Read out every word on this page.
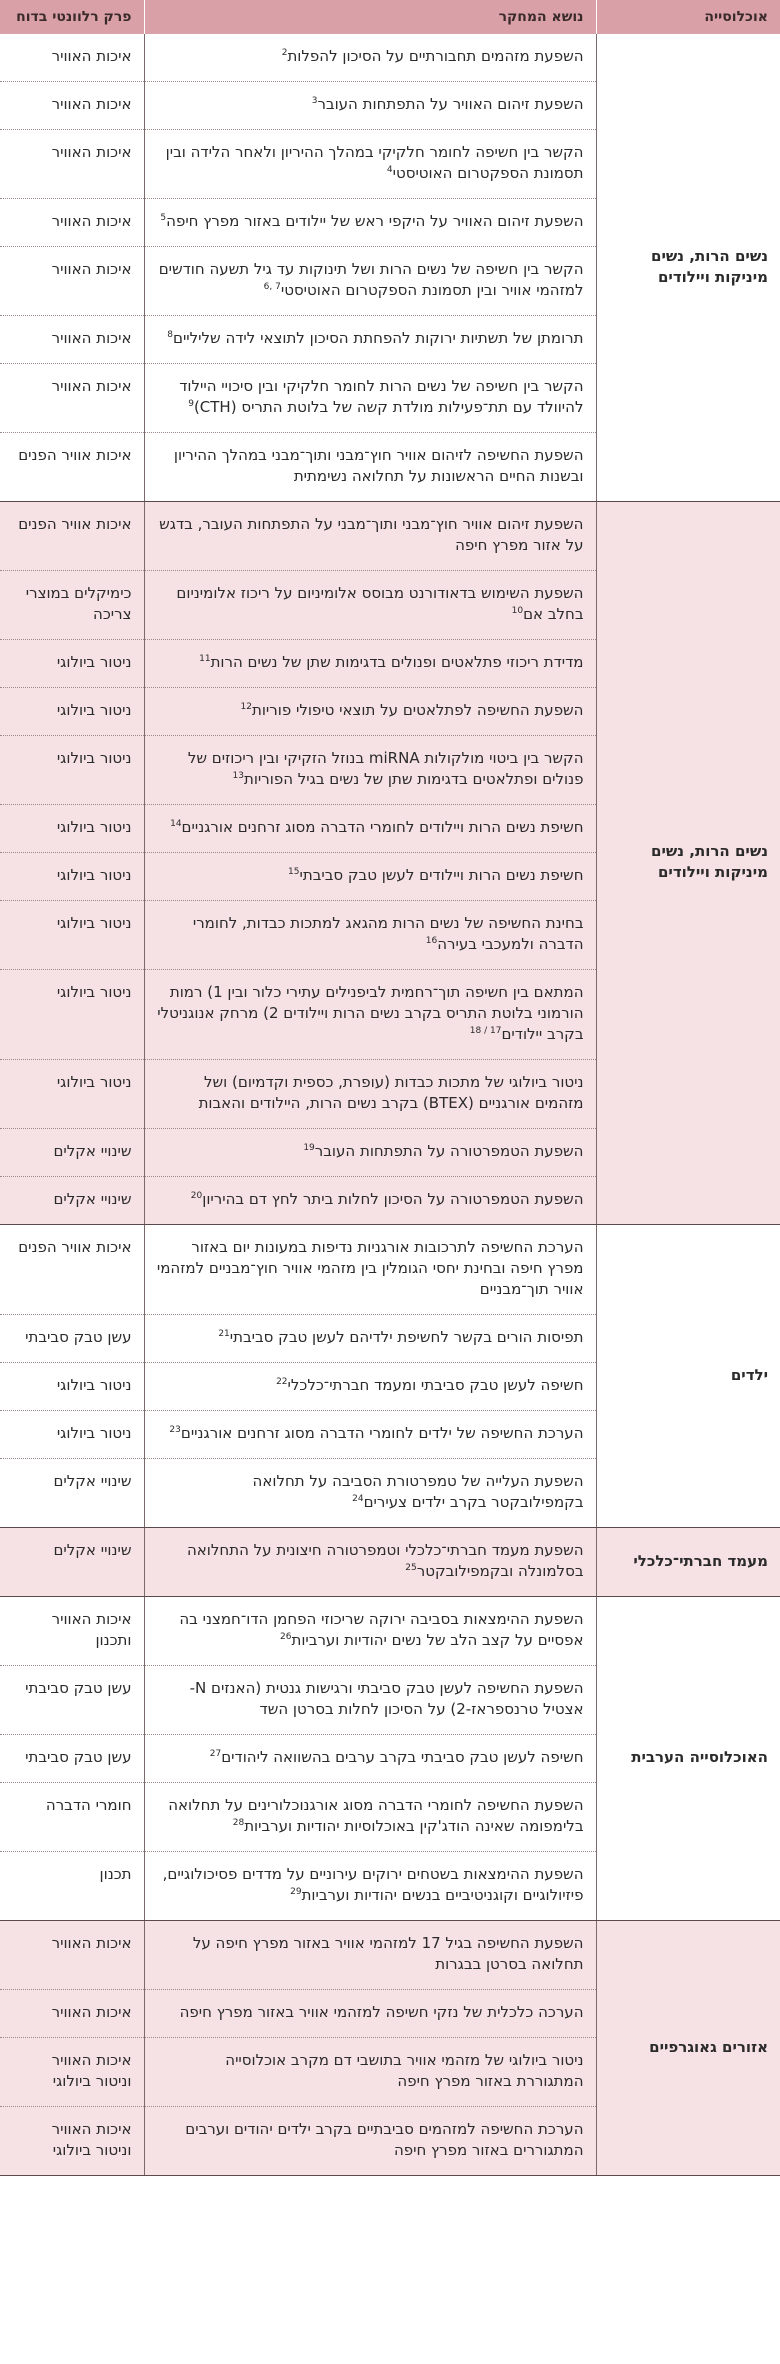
אוכלוסייה	נושא המחקר	פרק רלוונטי בדוח
נשים הרות, נשים מיניקות ויילודים	השפעת מזהמים תחבורתיים על הסיכון להפלות$^2$	איכות האוויר
	השפעת זיהום האוויר על התפתחות העובר$^3$	איכות האוויר
	הקשר בין חשיפה לחומר חלקיקי במהלך ההיריון ולאחר הלידה ובין תסמונת הספקטרום האוטיסטי$^4$	איכות האוויר
	השפעת זיהום האוויר על היקפי ראש של יילודים באזור מפרץ חיפה$^5$	איכות האוויר
	הקשר בין חשיפה של נשים הרות ושל תינוקות עד גיל תשעה חודשים למזהמי אוויר ובין תסמונת הספקטרום האוטיסטי$^{7 ,6}$	איכות האוויר
	תרומתן של תשתיות ירוקות להפחתת הסיכון לתוצאי לידה שליליים$^8$	איכות האוויר
	הקשר בין חשיפה של נשים הרות לחומר חלקיקי ובין סיכויי היילוד להיוולד עם תת־פעילות מולדת קשה של בלוטת התריס (CTH)$^9$	איכות האוויר
	השפעת החשיפה לזיהום אוויר חוץ־מבני ותוך־מבני במהלך ההיריון ובשנות החיים הראשונות על תחלואה נשימתית	איכות אוויר הפנים
נשים הרות, נשים מיניקות ויילודים	השפעת זיהום אוויר חוץ־מבני ותוך־מבני על התפתחות העובר, בדגש על אזור מפרץ חיפה	איכות אוויר הפנים
	השפעת השימוש בדאודורנט מבוסס אלומיניום על ריכוז אלומיניום בחלב אם$^{10}$	כימיקלים במוצרי צריכה
	מדידת ריכוזי פתלאטים ופנולים בדגימות שתן של נשים הרות$^{11}$	ניטור ביולוגי
	השפעת החשיפה לפתלאטים על תוצאי טיפולי פוריות$^{12}$	ניטור ביולוגי
	הקשר בין ביטוי מולקולות miRNA בנוזל הזקיקי ובין ריכוזים של פנולים ופתלאטים בדגימות שתן של נשים בגיל הפוריות$^{13}$	ניטור ביולוגי
	חשיפת נשים הרות ויילודים לחומרי הדברה מסוג זרחנים אורגניים$^{14}$	ניטור ביולוגי
	חשיפת נשים הרות ויילודים לעשן טבק סביבתי$^{15}$	ניטור ביולוגי
	בחינת החשיפה של נשים הרות מהגאג למתכות כבדות, לחומרי הדברה ולמעכבי בעירה$^{16}$	ניטור ביולוגי
	המתאם בין חשיפה תוך־רחמית לביפנילים עתירי כלור ובין 1) רמות הורמוני בלוטת התריס בקרב נשים הרות ויילודים 2) מרחק אנוגניטלי בקרב יילודים$^{17 / 18}$	ניטור ביולוגי
	ניטור ביולוגי של מתכות כבדות (עופרת, כספית וקדמיום) ושל מזהמים אורגניים (BTEX) בקרב נשים הרות, היילודים והאבות	ניטור ביולוגי
	השפעת הטמפרטורה על התפתחות העובר$^{19}$	שינויי אקלים
	השפעת הטמפרטורה על הסיכון לחלות ביתר לחץ דם בהיריון$^{20}$	שינויי אקלים
ילדים	הערכת החשיפה לתרכובות אורגניות נדיפות במעונות יום באזור מפרץ חיפה ובחינת יחסי הגומלין בין מזהמי אוויר חוץ־מבניים למזהמי אוויר תוך־מבניים	איכות אוויר הפנים
	תפיסות הורים בקשר לחשיפת ילדיהם לעשן טבק סביבתי$^{21}$	עשן טבק סביבתי
	חשיפה לעשן טבק סביבתי ומעמד חברתי־כלכלי$^{22}$	ניטור ביולוגי
	הערכת החשיפה של ילדים לחומרי הדברה מסוג זרחנים אורגניים$^{23}$	ניטור ביולוגי
	השפעת העלייה של טמפרטורת הסביבה על תחלואה בקמפילובקטר בקרב ילדים צעירים$^{24}$	שינויי אקלים
מעמד חברתי־כלכלי	השפעת מעמד חברתי־כלכלי וטמפרטורה חיצונית על התחלואה בסלמונלה ובקמפילובקטר$^{25}$	שינויי אקלים
האוכלוסייה הערבית	השפעת ההימצאות בסביבה ירוקה שריכוזי הפחמן הדו־חמצני בה אפסיים על קצב הלב של נשים יהודיות וערביות$^{26}$	איכות האוויר ותכנון
	השפעת החשיפה לעשן טבק סביבתי ורגישות גנטית (האנזים N-אצטיל טרנספראז-2) על הסיכון לחלות בסרטן השד	עשן טבק סביבתי
	חשיפה לעשן טבק סביבתי בקרב ערבים בהשוואה ליהודים$^{27}$	עשן טבק סביבתי
	השפעת החשיפה לחומרי הדברה מסוג אורגנוכלורינים על תחלואה בלימפומה שאינה הודג'קין באוכלוסיות יהודיות וערביות$^{28}$	חומרי הדברה
	השפעת ההימצאות בשטחים ירוקים עירוניים על מדדים פסיכולוגיים, פיזיולוגיים וקוגניטיביים בנשים יהודיות וערביות$^{29}$	תכנון
אזורים גאוגרפיים	השפעת החשיפה בגיל 17 למזהמי אוויר באזור מפרץ חיפה על תחלואה בסרטן בבגרות	איכות האוויר
	הערכה כלכלית של נזקי חשיפה למזהמי אוויר באזור מפרץ חיפה	איכות האוויר
	ניטור ביולוגי של מזהמי אוויר בתושבי דם מקרב אוכלוסייה המתגוררת באזור מפרץ חיפה	איכות האוויר וניטור ביולוגי
	הערכת החשיפה למזהמים סביבתיים בקרב ילדים יהודים וערבים המתגוררים באזור מפרץ חיפה	איכות האוויר וניטור ביולוגי
